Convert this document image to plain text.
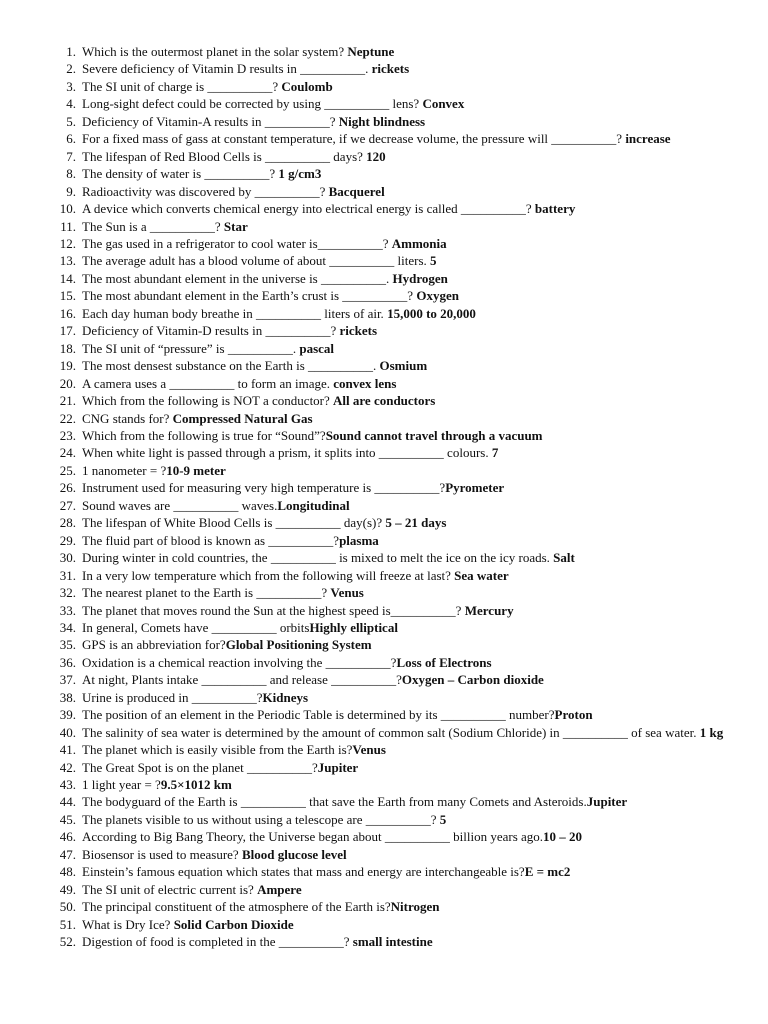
1. Which is the outermost planet in the solar system? Neptune
2. Severe deficiency of Vitamin D results in __________. rickets
3. The SI unit of charge is __________? Coulomb
4. Long-sight defect could be corrected by using __________ lens? Convex
5. Deficiency of Vitamin-A results in __________? Night blindness
6. For a fixed mass of gass at constant temperature, if we decrease volume, the pressure will __________? increase
7. The lifespan of Red Blood Cells is __________ days? 120
8. The density of water is __________? 1 g/cm3
9. Radioactivity was discovered by __________? Bacquerel
10. A device which converts chemical energy into electrical energy is called __________? battery
11. The Sun is a __________? Star
12. The gas used in a refrigerator to cool water is__________? Ammonia
13. The average adult has a blood volume of about __________ liters. 5
14. The most abundant element in the universe is __________. Hydrogen
15. The most abundant element in the Earth’s crust is __________? Oxygen
16. Each day human body breathe in __________ liters of air. 15,000 to 20,000
17. Deficiency of Vitamin-D results in __________? rickets
18. The SI unit of “pressure” is __________. pascal
19. The most densest substance on the Earth is __________. Osmium
20. A camera uses a __________ to form an image. convex lens
21. Which from the following is NOT a conductor? All are conductors
22. CNG stands for? Compressed Natural Gas
23. Which from the following is true for “Sound”?Sound cannot travel through a vacuum
24. When white light is passed through a prism, it splits into __________ colours. 7
25. 1 nanometer = ?10-9 meter
26. Instrument used for measuring very high temperature is __________?Pyrometer
27. Sound waves are __________ waves.Longitudinal
28. The lifespan of White Blood Cells is __________ day(s)? 5 – 21 days
29. The fluid part of blood is known as __________?plasma
30. During winter in cold countries, the __________ is mixed to melt the ice on the icy roads. Salt
31. In a very low temperature which from the following will freeze at last? Sea water
32. The nearest planet to the Earth is __________? Venus
33. The planet that moves round the Sun at the highest speed is__________? Mercury
34. In general, Comets have __________ orbitsHighly elliptical
35. GPS is an abbreviation for?Global Positioning System
36. Oxidation is a chemical reaction involving the __________?Loss of Electrons
37. At night, Plants intake __________ and release __________?Oxygen – Carbon dioxide
38. Urine is produced in __________?Kidneys
39. The position of an element in the Periodic Table is determined by its __________ number?Proton
40. The salinity of sea water is determined by the amount of common salt (Sodium Chloride) in __________ of sea water. 1 kg
41. The planet which is easily visible from the Earth is?Venus
42. The Great Spot is on the planet __________?Jupiter
43. 1 light year = ?9.5×1012 km
44. The bodyguard of the Earth is __________ that save the Earth from many Comets and Asteroids.Jupiter
45. The planets visible to us without using a telescope are __________? 5
46. According to Big Bang Theory, the Universe began about __________ billion years ago.10 – 20
47. Biosensor is used to measure? Blood glucose level
48. Einstein’s famous equation which states that mass and energy are interchangeable is?E = mc2
49. The SI unit of electric current is? Ampere
50. The principal constituent of the atmosphere of the Earth is?Nitrogen
51. What is Dry Ice? Solid Carbon Dioxide
52. Digestion of food is completed in the __________? small intestine
